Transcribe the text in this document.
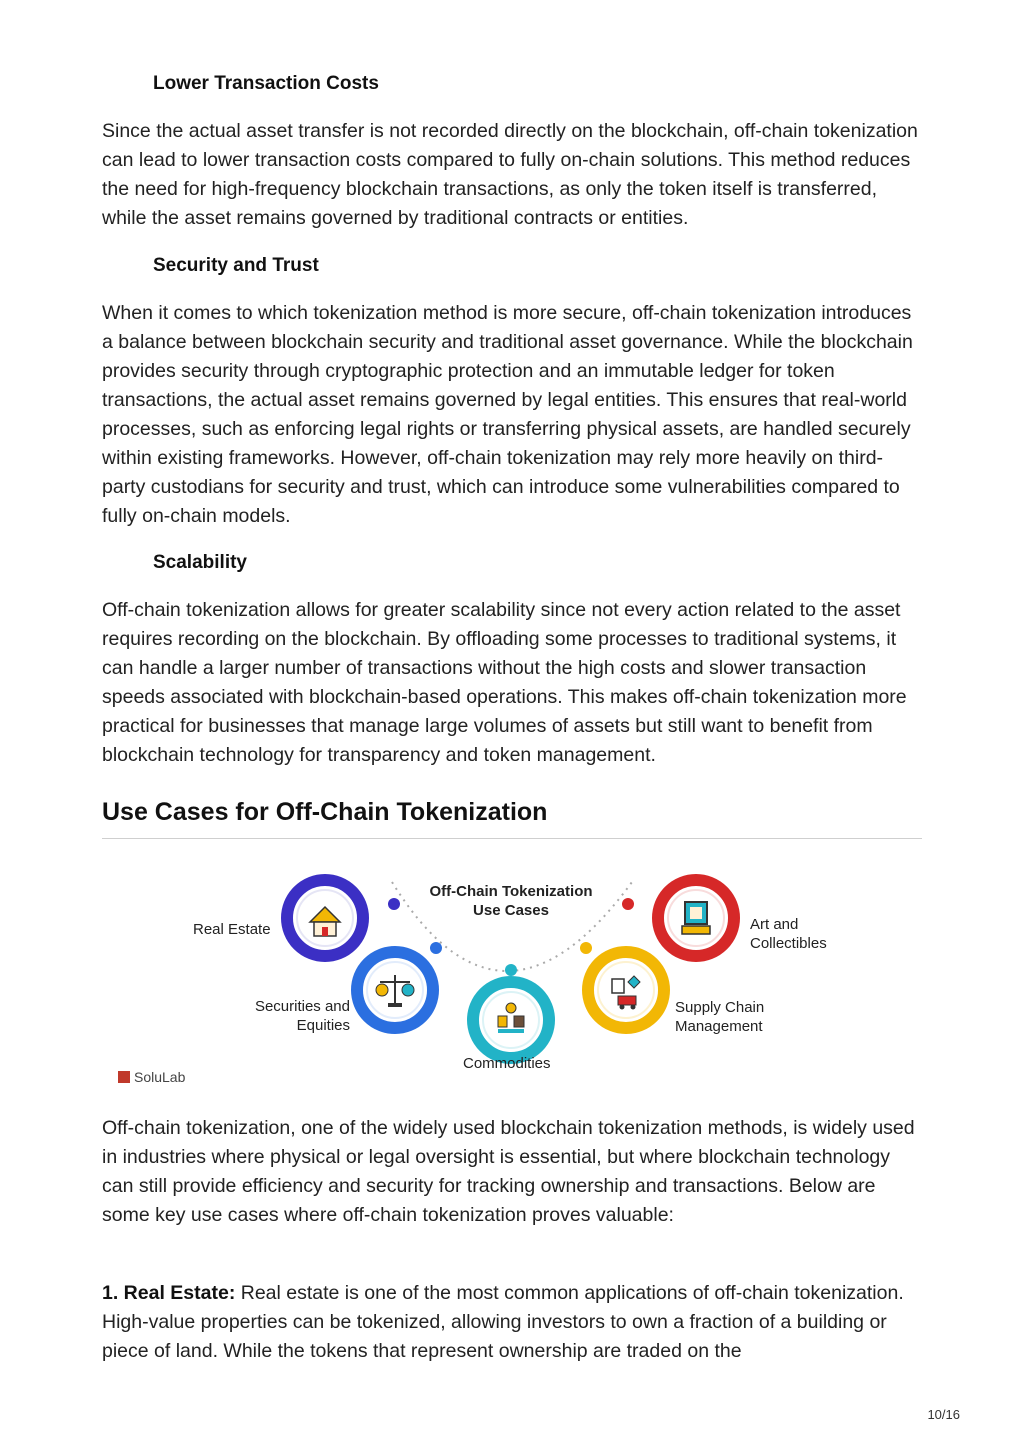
Lower Transaction Costs

Since the actual asset transfer is not recorded directly on the blockchain, off-chain tokenization can lead to lower transaction costs compared to fully on-chain solutions. This method reduces the need for high-frequency blockchain transactions, as only the token itself is transferred, while the asset remains governed by traditional contracts or entities.

Security and Trust

When it comes to which tokenization method is more secure, off-chain tokenization introduces a balance between blockchain security and traditional asset governance. While the blockchain provides security through cryptographic protection and an immutable ledger for token transactions, the actual asset remains governed by legal entities. This ensures that real-world processes, such as enforcing legal rights or transferring physical assets, are handled securely within existing frameworks. However, off-chain tokenization may rely more heavily on third-party custodians for security and trust, which can introduce some vulnerabilities compared to fully on-chain models.

Scalability

Off-chain tokenization allows for greater scalability since not every action related to the asset requires recording on the blockchain. By offloading some processes to traditional systems, it can handle a larger number of transactions without the high costs and slower transaction speeds associated with blockchain-based operations. This makes off-chain tokenization more practical for businesses that manage large volumes of assets but still want to benefit from blockchain technology for transparency and token management.

Use Cases for Off-Chain Tokenization
Off-Chain Tokenization
Use Cases
Real Estate
Securities and
Equities
Commodities
Supply Chain
Management
Art and
Collectibles
SoluLab

Off-chain tokenization, one of the widely used blockchain tokenization methods, is widely used in industries where physical or legal oversight is essential, but where blockchain technology can still provide efficiency and security for tracking ownership and transactions. Below are some key use cases where off-chain tokenization proves valuable:

1. Real Estate: Real estate is one of the most common applications of off-chain tokenization. High-value properties can be tokenized, allowing investors to own a fraction of a building or piece of land. While the tokens that represent ownership are traded on the

10/16
